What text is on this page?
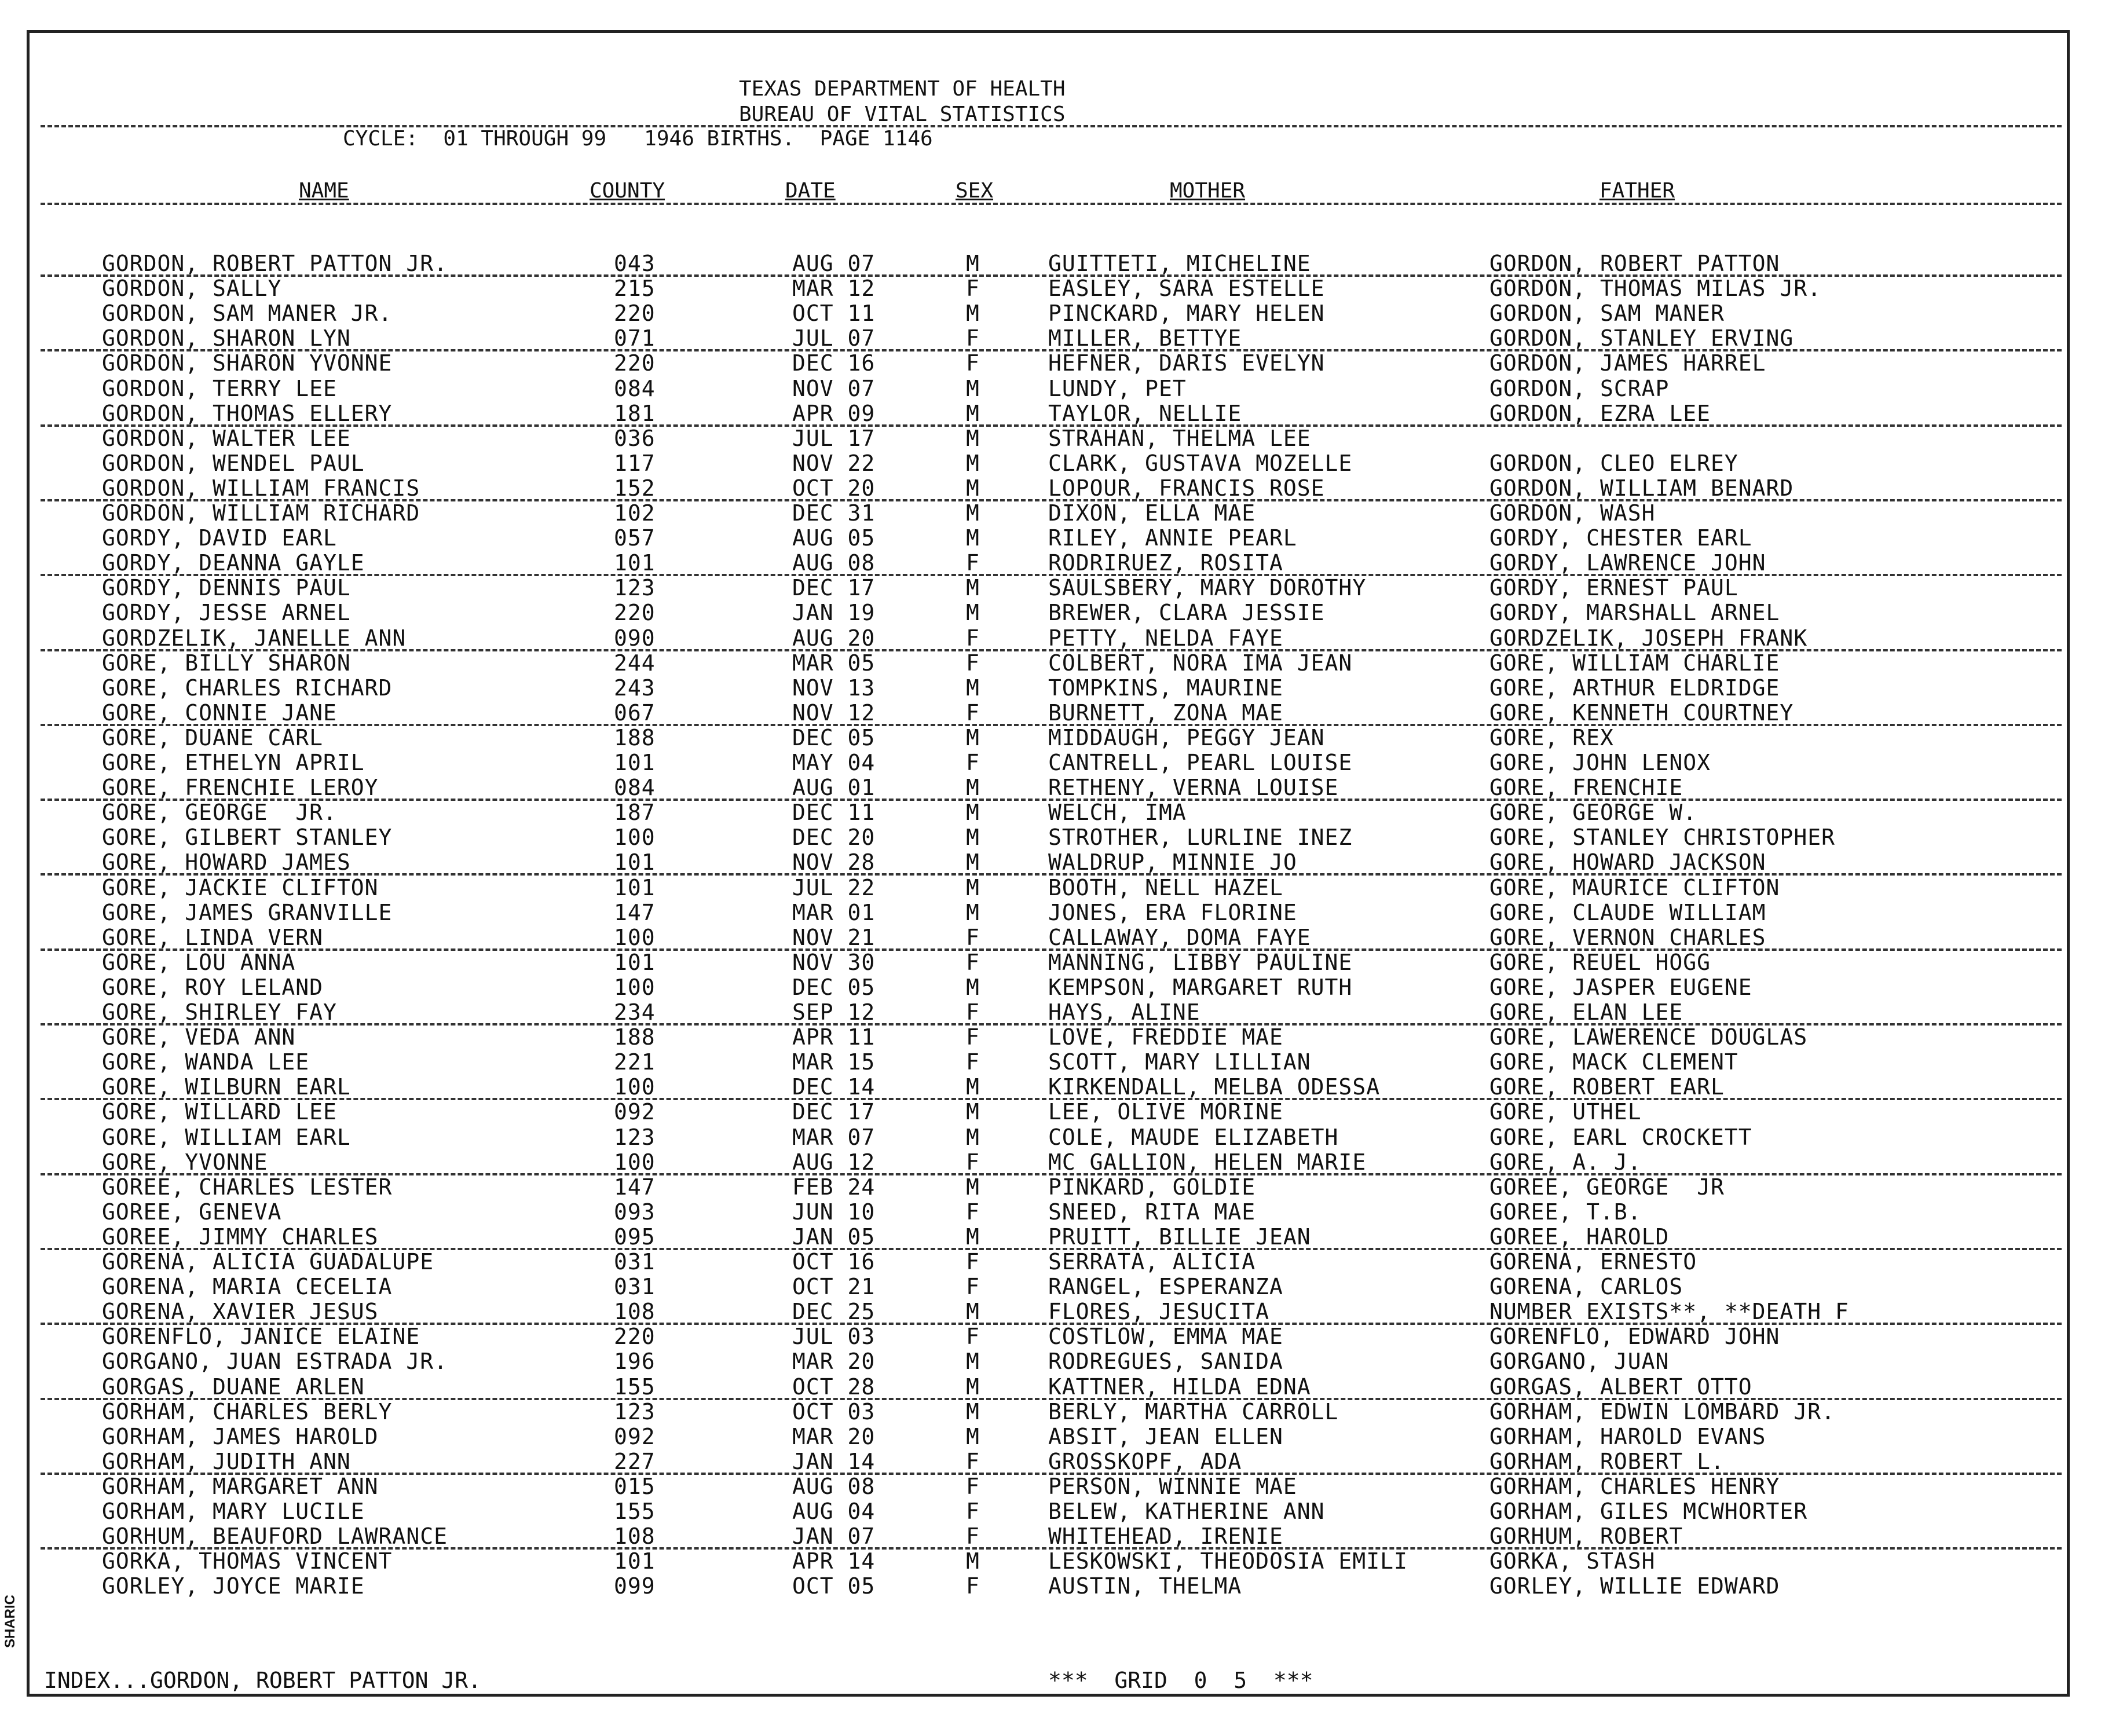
TEXAS DEPARTMENT OF HEALTH
BUREAU OF VITAL STATISTICS
CYCLE:  01 THROUGH 99   1946 BIRTHS.  PAGE 1146
NAME	COUNTY	DATE	SEX	MOTHER	FATHER
GORDON, ROBERT PATTON JR.	043	AUG 07	M	GUITTETI, MICHELINE	GORDON, ROBERT PATTON
GORDON, SALLY	215	MAR 12	F	EASLEY, SARA ESTELLE	GORDON, THOMAS MILAS JR.
GORDON, SAM MANER JR.	220	OCT 11	M	PINCKARD, MARY HELEN	GORDON, SAM MANER
GORDON, SHARON LYN	071	JUL 07	F	MILLER, BETTYE	GORDON, STANLEY ERVING
GORDON, SHARON YVONNE	220	DEC 16	F	HEFNER, DARIS EVELYN	GORDON, JAMES HARREL
GORDON, TERRY LEE	084	NOV 07	M	LUNDY, PET	GORDON, SCRAP
GORDON, THOMAS ELLERY	181	APR 09	M	TAYLOR, NELLIE	GORDON, EZRA LEE
GORDON, WALTER LEE	036	JUL 17	M	STRAHAN, THELMA LEE
GORDON, WENDEL PAUL	117	NOV 22	M	CLARK, GUSTAVA MOZELLE	GORDON, CLEO ELREY
GORDON, WILLIAM FRANCIS	152	OCT 20	M	LOPOUR, FRANCIS ROSE	GORDON, WILLIAM BENARD
GORDON, WILLIAM RICHARD	102	DEC 31	M	DIXON, ELLA MAE	GORDON, WASH
GORDY, DAVID EARL	057	AUG 05	M	RILEY, ANNIE PEARL	GORDY, CHESTER EARL
GORDY, DEANNA GAYLE	101	AUG 08	F	RODRIRUEZ, ROSITA	GORDY, LAWRENCE JOHN
GORDY, DENNIS PAUL	123	DEC 17	M	SAULSBERY, MARY DOROTHY	GORDY, ERNEST PAUL
GORDY, JESSE ARNEL	220	JAN 19	M	BREWER, CLARA JESSIE	GORDY, MARSHALL ARNEL
GORDZELIK, JANELLE ANN	090	AUG 20	F	PETTY, NELDA FAYE	GORDZELIK, JOSEPH FRANK
GORE, BILLY SHARON	244	MAR 05	F	COLBERT, NORA IMA JEAN	GORE, WILLIAM CHARLIE
GORE, CHARLES RICHARD	243	NOV 13	M	TOMPKINS, MAURINE	GORE, ARTHUR ELDRIDGE
GORE, CONNIE JANE	067	NOV 12	F	BURNETT, ZONA MAE	GORE, KENNETH COURTNEY
GORE, DUANE CARL	188	DEC 05	M	MIDDAUGH, PEGGY JEAN	GORE, REX
GORE, ETHELYN APRIL	101	MAY 04	F	CANTRELL, PEARL LOUISE	GORE, JOHN LENOX
GORE, FRENCHIE LEROY	084	AUG 01	M	RETHENY, VERNA LOUISE	GORE, FRENCHIE
GORE, GEORGE  JR.	187	DEC 11	M	WELCH, IMA	GORE, GEORGE W.
GORE, GILBERT STANLEY	100	DEC 20	M	STROTHER, LURLINE INEZ	GORE, STANLEY CHRISTOPHER
GORE, HOWARD JAMES	101	NOV 28	M	WALDRUP, MINNIE JO	GORE, HOWARD JACKSON
GORE, JACKIE CLIFTON	101	JUL 22	M	BOOTH, NELL HAZEL	GORE, MAURICE CLIFTON
GORE, JAMES GRANVILLE	147	MAR 01	M	JONES, ERA FLORINE	GORE, CLAUDE WILLIAM
GORE, LINDA VERN	100	NOV 21	F	CALLAWAY, DOMA FAYE	GORE, VERNON CHARLES
GORE, LOU ANNA	101	NOV 30	F	MANNING, LIBBY PAULINE	GORE, REUEL HOGG
GORE, ROY LELAND	100	DEC 05	M	KEMPSON, MARGARET RUTH	GORE, JASPER EUGENE
GORE, SHIRLEY FAY	234	SEP 12	F	HAYS, ALINE	GORE, ELAN LEE
GORE, VEDA ANN	188	APR 11	F	LOVE, FREDDIE MAE	GORE, LAWERENCE DOUGLAS
GORE, WANDA LEE	221	MAR 15	F	SCOTT, MARY LILLIAN	GORE, MACK CLEMENT
GORE, WILBURN EARL	100	DEC 14	M	KIRKENDALL, MELBA ODESSA	GORE, ROBERT EARL
GORE, WILLARD LEE	092	DEC 17	M	LEE, OLIVE MORINE	GORE, UTHEL
GORE, WILLIAM EARL	123	MAR 07	M	COLE, MAUDE ELIZABETH	GORE, EARL CROCKETT
GORE, YVONNE	100	AUG 12	F	MC GALLION, HELEN MARIE	GORE, A. J.
GOREE, CHARLES LESTER	147	FEB 24	M	PINKARD, GOLDIE	GOREE, GEORGE  JR
GOREE, GENEVA	093	JUN 10	F	SNEED, RITA MAE	GOREE, T.B.
GOREE, JIMMY CHARLES	095	JAN 05	M	PRUITT, BILLIE JEAN	GOREE, HAROLD
GORENA, ALICIA GUADALUPE	031	OCT 16	F	SERRATA, ALICIA	GORENA, ERNESTO
GORENA, MARIA CECELIA	031	OCT 21	F	RANGEL, ESPERANZA	GORENA, CARLOS
GORENA, XAVIER JESUS	108	DEC 25	M	FLORES, JESUCITA	NUMBER EXISTS**, **DEATH F
GORENFLO, JANICE ELAINE	220	JUL 03	F	COSTLOW, EMMA MAE	GORENFLO, EDWARD JOHN
GORGANO, JUAN ESTRADA JR.	196	MAR 20	M	RODREGUES, SANIDA	GORGANO, JUAN
GORGAS, DUANE ARLEN	155	OCT 28	M	KATTNER, HILDA EDNA	GORGAS, ALBERT OTTO
GORHAM, CHARLES BERLY	123	OCT 03	M	BERLY, MARTHA CARROLL	GORHAM, EDWIN LOMBARD JR.
GORHAM, JAMES HAROLD	092	MAR 20	M	ABSIT, JEAN ELLEN	GORHAM, HAROLD EVANS
GORHAM, JUDITH ANN	227	JAN 14	F	GROSSKOPF, ADA	GORHAM, ROBERT L.
GORHAM, MARGARET ANN	015	AUG 08	F	PERSON, WINNIE MAE	GORHAM, CHARLES HENRY
GORHAM, MARY LUCILE	155	AUG 04	F	BELEW, KATHERINE ANN	GORHAM, GILES MCWHORTER
GORHUM, BEAUFORD LAWRANCE	108	JAN 07	F	WHITEHEAD, IRENIE	GORHUM, ROBERT
GORKA, THOMAS VINCENT	101	APR 14	M	LESKOWSKI, THEODOSIA EMILI	GORKA, STASH
GORLEY, JOYCE MARIE	099	OCT 05	F	AUSTIN, THELMA	GORLEY, WILLIE EDWARD
INDEX...GORDON, ROBERT PATTON JR.	***  GRID  0  5  ***
SHARIC
